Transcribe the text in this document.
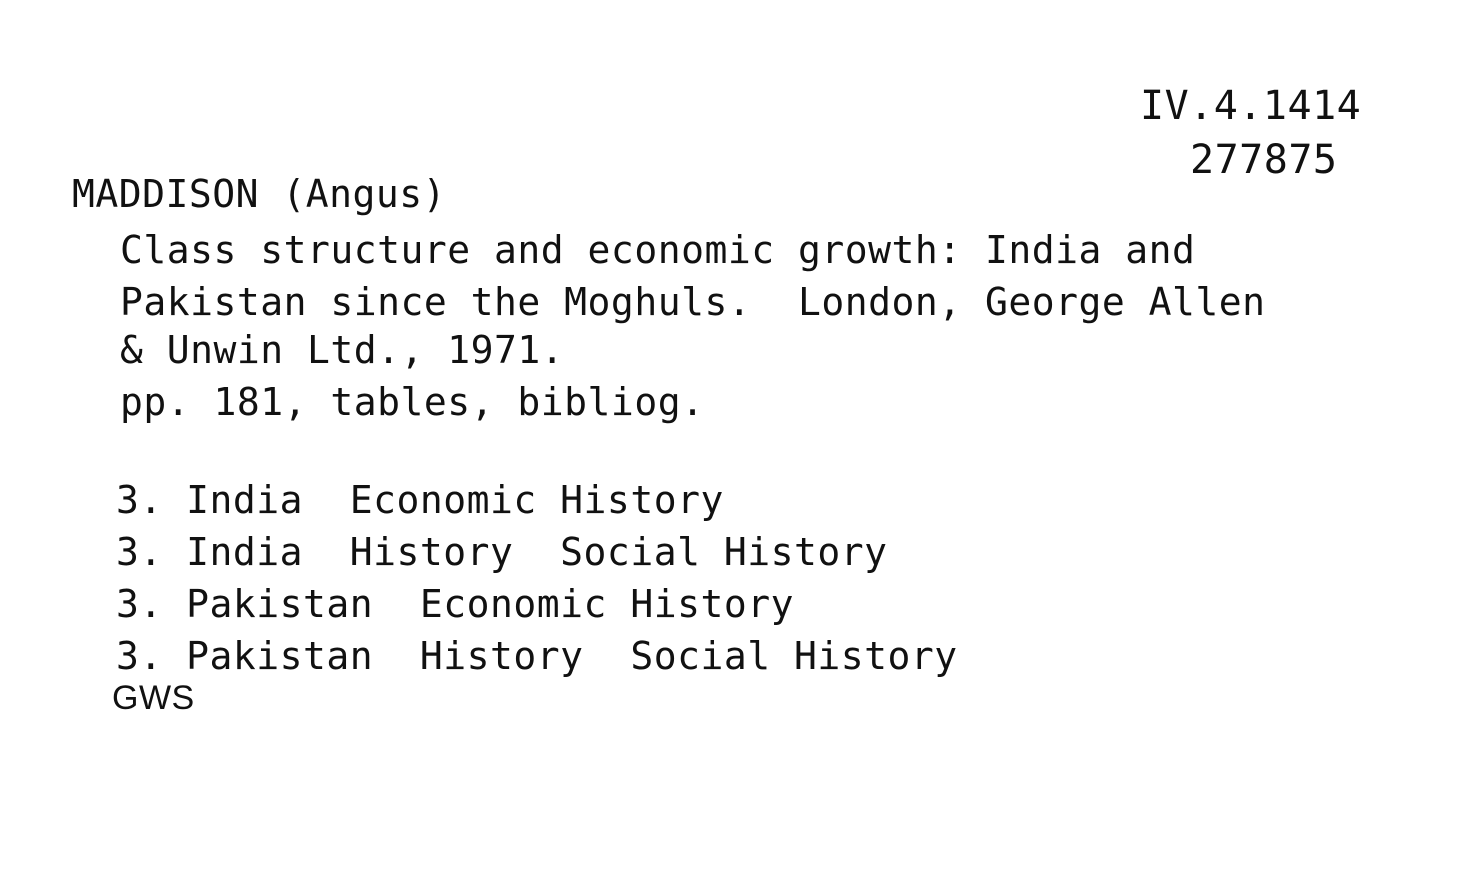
IV.4.1414
277875
MADDISON (Angus)
Class structure and economic growth: India and
Pakistan since the Moghuls.  London, George Allen
& Unwin Ltd., 1971.
pp. 181, tables, bibliog.
3. India  Economic History
3. India  History  Social History
3. Pakistan  Economic History
3. Pakistan  History  Social History
GWS
